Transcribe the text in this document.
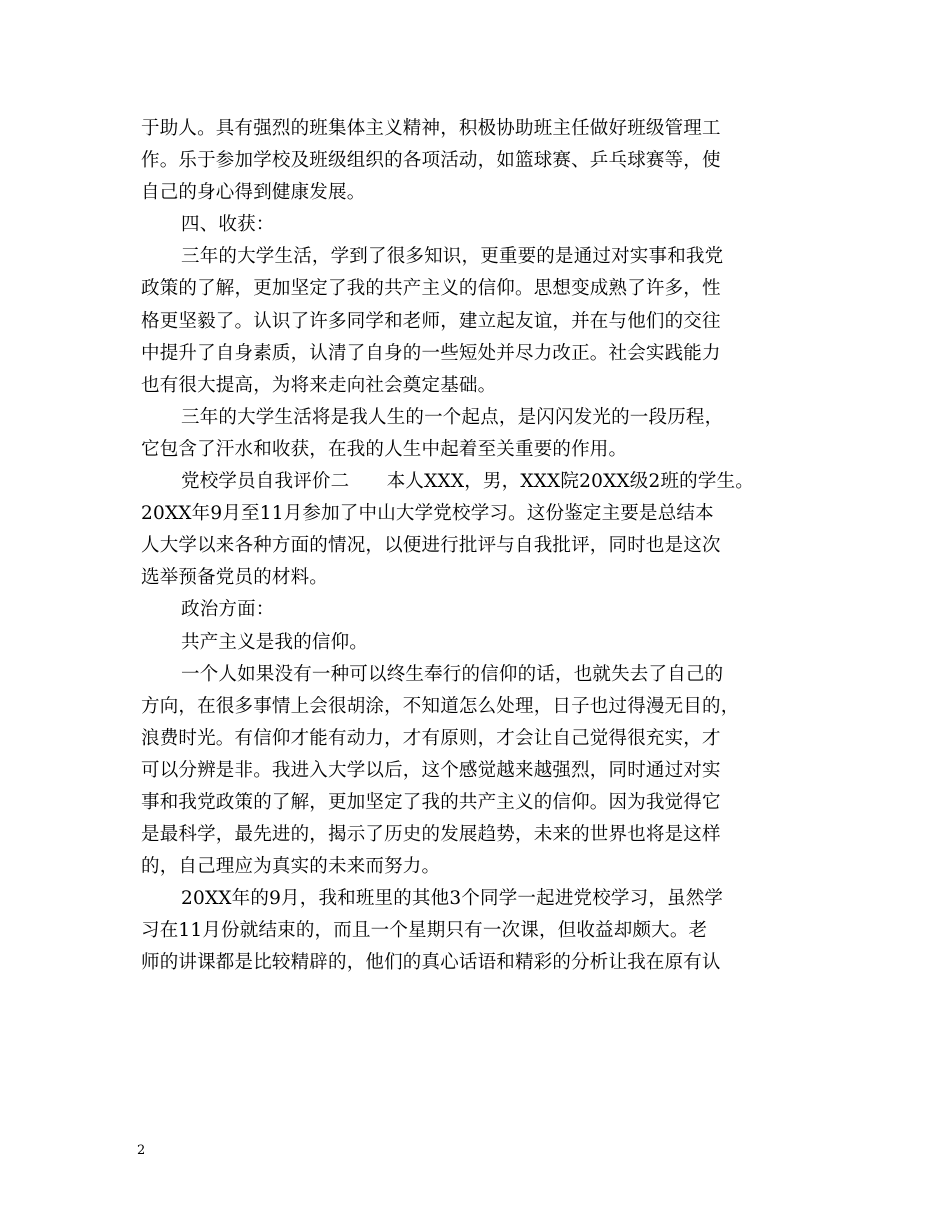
于助人。具有强烈的班集体主义精神，积极协助班主任做好班级管理工
作。乐于参加学校及班级组织的各项活动，如篮球赛、乒乓球赛等，使
自己的身心得到健康发展。
四、收获：
三年的大学生活，学到了很多知识，更重要的是通过对实事和我党
政策的了解，更加坚定了我的共产主义的信仰。思想变成熟了许多，性
格更坚毅了。认识了许多同学和老师，建立起友谊，并在与他们的交往
中提升了自身素质，认清了自身的一些短处并尽力改正。社会实践能力
也有很大提高，为将来走向社会奠定基础。
三年的大学生活将是我人生的一个起点，是闪闪发光的一段历程，
它包含了汗水和收获，在我的人生中起着至关重要的作用。
党校学员自我评价二　　本人XXX，男，XXX院20XX级2班的学生。
20XX年9月至11月参加了中山大学党校学习。这份鉴定主要是总结本
人大学以来各种方面的情况，以便进行批评与自我批评，同时也是这次
选举预备党员的材料。
政治方面：
共产主义是我的信仰。
一个人如果没有一种可以终生奉行的信仰的话，也就失去了自己的
方向，在很多事情上会很胡涂，不知道怎么处理，日子也过得漫无目的，
浪费时光。有信仰才能有动力，才有原则，才会让自己觉得很充实，才
可以分辨是非。我进入大学以后，这个感觉越来越强烈，同时通过对实
事和我党政策的了解，更加坚定了我的共产主义的信仰。因为我觉得它
是最科学，最先进的，揭示了历史的发展趋势，未来的世界也将是这样
的，自己理应为真实的未来而努力。
20XX年的9月，我和班里的其他3个同学一起进党校学习，虽然学
习在11月份就结束的，而且一个星期只有一次课，但收益却颇大。老
师的讲课都是比较精辟的，他们的真心话语和精彩的分析让我在原有认
2
